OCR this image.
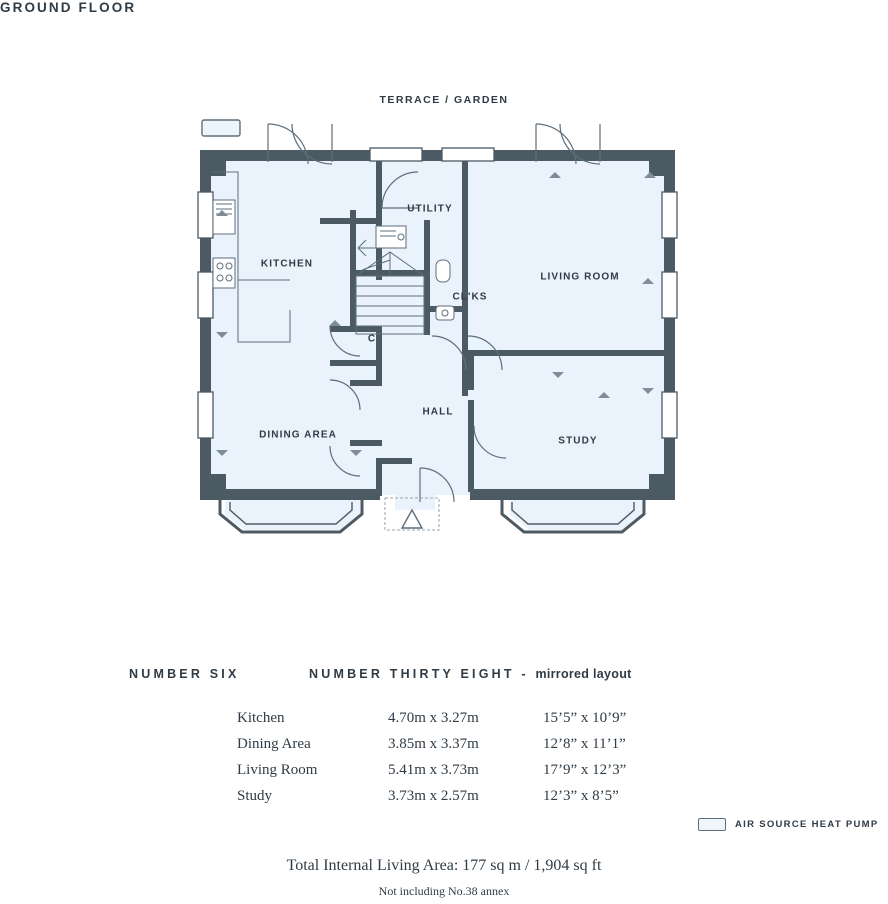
GROUND FLOOR
TERRACE / GARDEN
KITCHEN
UTILITY
CL'KS
LIVING ROOM
C
HALL
DINING AREA
STUDY
NUMBER SIX	NUMBER THIRTY EIGHT - mirrored layout
Kitchen	4.70m x 3.27m	15’5” x 10’9”
Dining Area	3.85m x 3.37m	12’8” x 11’1”
Living Room	5.41m x 3.73m	17’9” x 12’3”
Study	3.73m x 2.57m	12’3” x 8’5”
AIR SOURCE HEAT PUMP
Total Internal Living Area: 177 sq m / 1,904 sq ft
Not including No.38 annex
